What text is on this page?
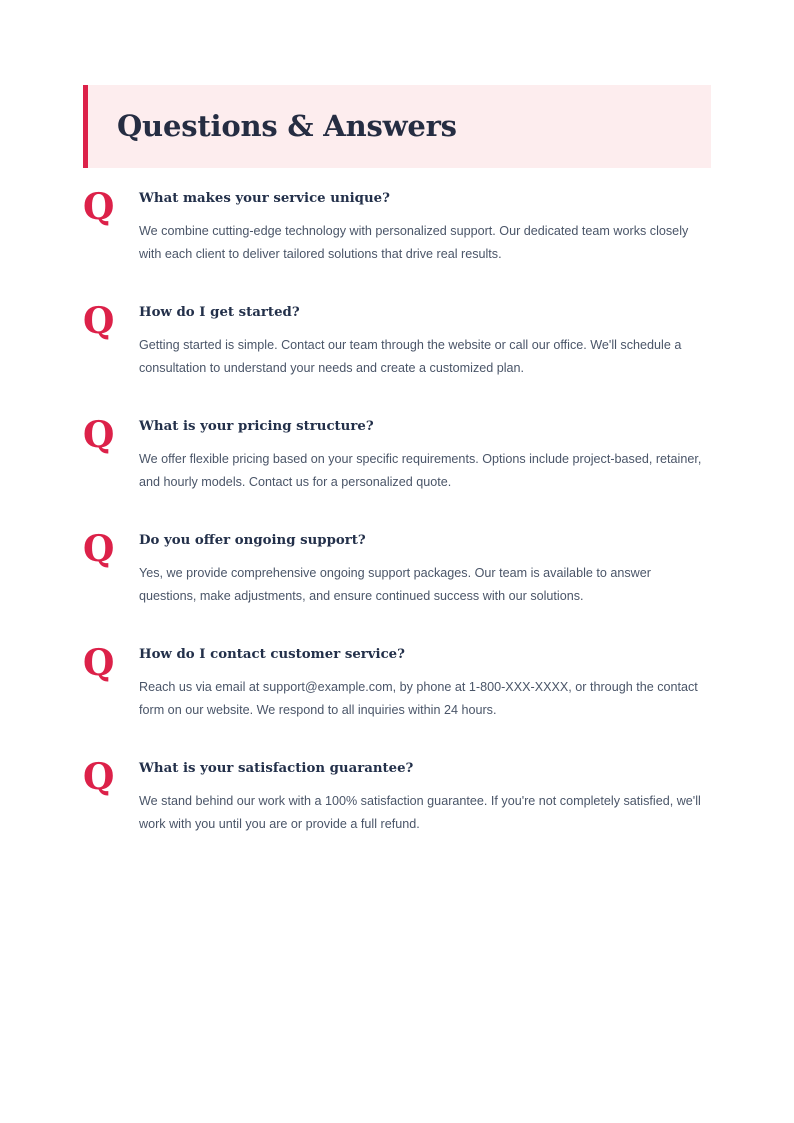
Questions & Answers
Q	What makes your service unique?

We combine cutting-edge technology with personalized support. Our dedicated team works closely with each client to deliver tailored solutions that drive real results.

Q	How do I get started?

Getting started is simple. Contact our team through the website or call our office. We'll schedule a consultation to understand your needs and create a customized plan.

Q	What is your pricing structure?

We offer flexible pricing based on your specific requirements. Options include project-based, retainer, and hourly models. Contact us for a personalized quote.

Q	Do you offer ongoing support?

Yes, we provide comprehensive ongoing support packages. Our team is available to answer questions, make adjustments, and ensure continued success with our solutions.

Q	How do I contact customer service?

Reach us via email at support@example.com, by phone at 1-800-XXX-XXXX, or through the contact form on our website. We respond to all inquiries within 24 hours.

Q	What is your satisfaction guarantee?

We stand behind our work with a 100% satisfaction guarantee. If you're not completely satisfied, we'll work with you until you are or provide a full refund.
